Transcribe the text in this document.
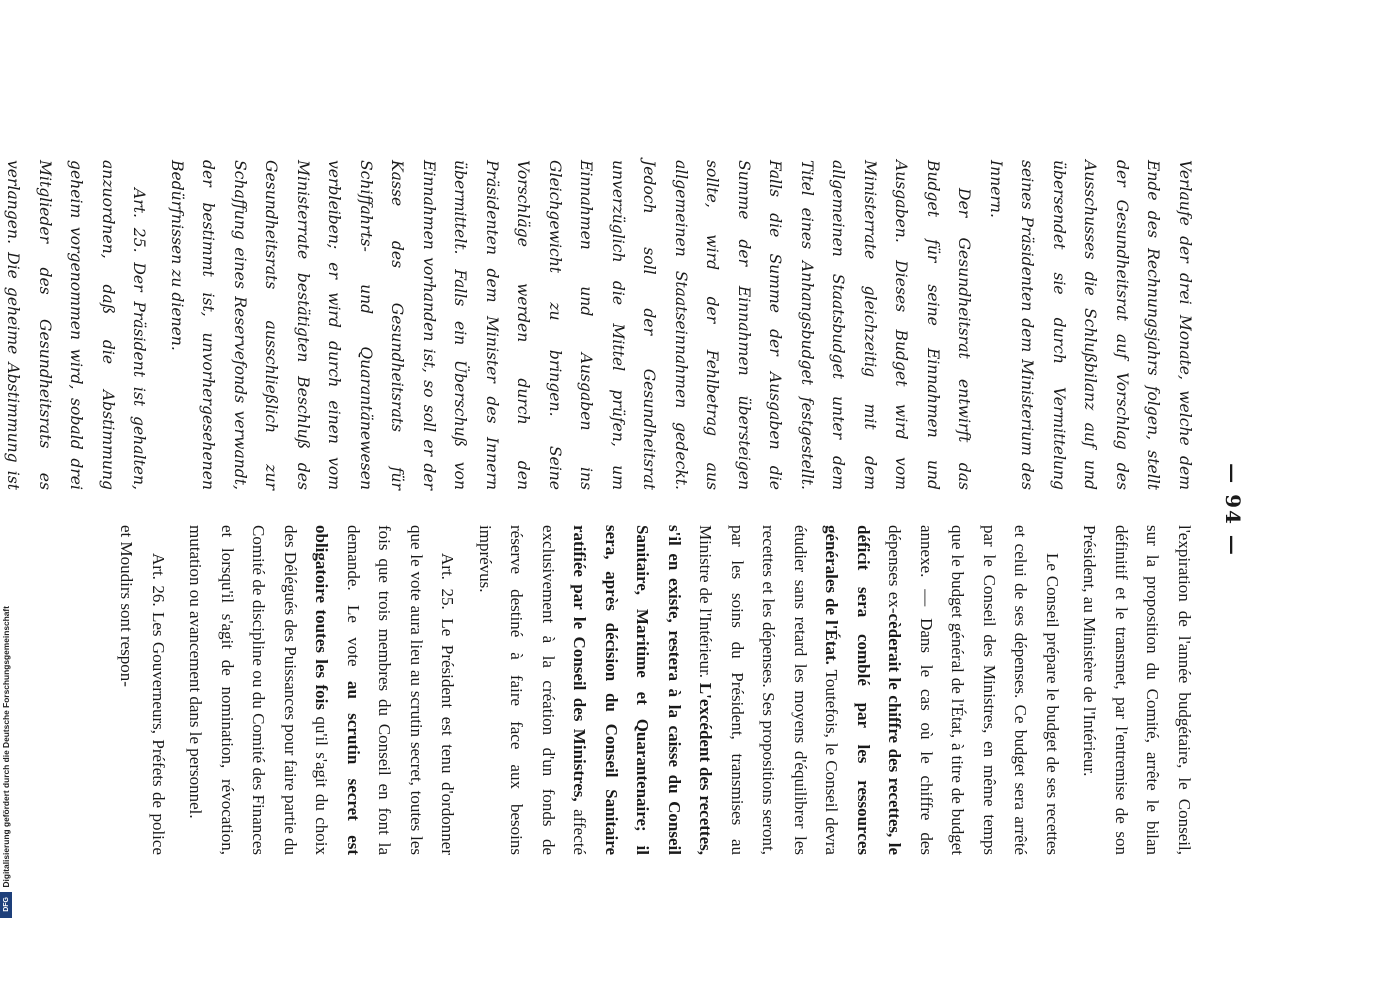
— 94 —

Verlaufe der drei Monate, welche dem Ende des Rechnungsjahrs folgen, stellt der Gesundheitsrat auf Vorschlag des Ausschusses die Schlußbilanz auf und übersendet sie durch Vermittelung seines Präsidenten dem Ministerium des Innern.

Der Gesundheitsrat entwirft das Budget für seine Einnahmen und Ausgaben. Dieses Budget wird vom Ministerrate gleichzeitig mit dem allgemeinen Staatsbudget unter dem Titel eines Anhangsbudget festgestellt. Falls die Summe der Ausgaben die Summe der Einnahmen übersteigen sollte, wird der Fehlbetrag aus allgemeinen Staatseinnahmen gedeckt. Jedoch soll der Gesundheitsrat unverzüglich die Mittel prüfen, um Einnahmen und Ausgaben ins Gleichgewicht zu bringen. Seine Vorschläge werden durch den Präsidenten dem Minister des Innern übermittelt. Falls ein Überschuß von Einnahmen vorhanden ist, so soll er der Kasse des Gesundheitsrats für Schiffahrts- und Quarantänewesen verbleiben; er wird durch einen vom Ministerrate bestätigten Beschluß des Gesundheitsrats ausschließlich zur Schaffung eines Reservefonds verwandt, der bestimmt ist, unvorhergesehenen Bedürfnissen zu dienen.

Art. 25. Der Präsident ist gehalten, anzuordnen, daß die Abstimmung geheim vorgenommen wird, sobald drei Mitglieder des Gesundheitsrats es verlangen. Die geheime Abstimmung ist

l'expiration de l'année budgétaire, le Conseil, sur la proposition du Comité, arrête le bilan définitif et le transmet, par l'entremise de son Président, au Ministère de l'Intérieur.

Le Conseil prépare le budget de ses recettes et celui de ses dépenses. Ce budget sera arrêté par le Conseil des Ministres, en même temps que le budget général de l'État, à titre de budget annexe. — Dans le cas où le chiffre des dépenses ex-cèderait le chiffre des recettes, le déficit sera comblé par les ressources générales de l'État. Toutefois, le Conseil devra étudier sans retard les moyens d'équilibrer les recettes et les dépenses. Ses propositions seront, par les soins du Président, transmises au Ministre de l'Intérieur. L'excédent des recettes, s'il en existe, restera à la caisse du Conseil Sanitaire, Maritime et Quarantenaire; il sera, après décision du Conseil Sanitaire ratifiée par le Conseil des Ministres, affecté exclusivement à la création d'un fonds de réserve destiné à faire face aux besoins imprévus.

Art. 25. Le Président est tenu d'ordonner que le vote aura lieu au scrutin secret, toutes les fois que trois membres du Conseil en font la demande. Le vote au scrutin secret est obligatoire toutes les fois qu'il s'agit du choix des Délégués des Puissances pour faire partie du Comité de discipline ou du Comité des Finances et lorsqu'il s'agit de nomination, révocation, mutation ou avancement dans le personnel.

Art. 26. Les Gouverneurs, Préfets de police et Moudirs sont respon-

Digitalisierung gefördert durch die Deutsche Forschungsgemeinschaft
DFG
